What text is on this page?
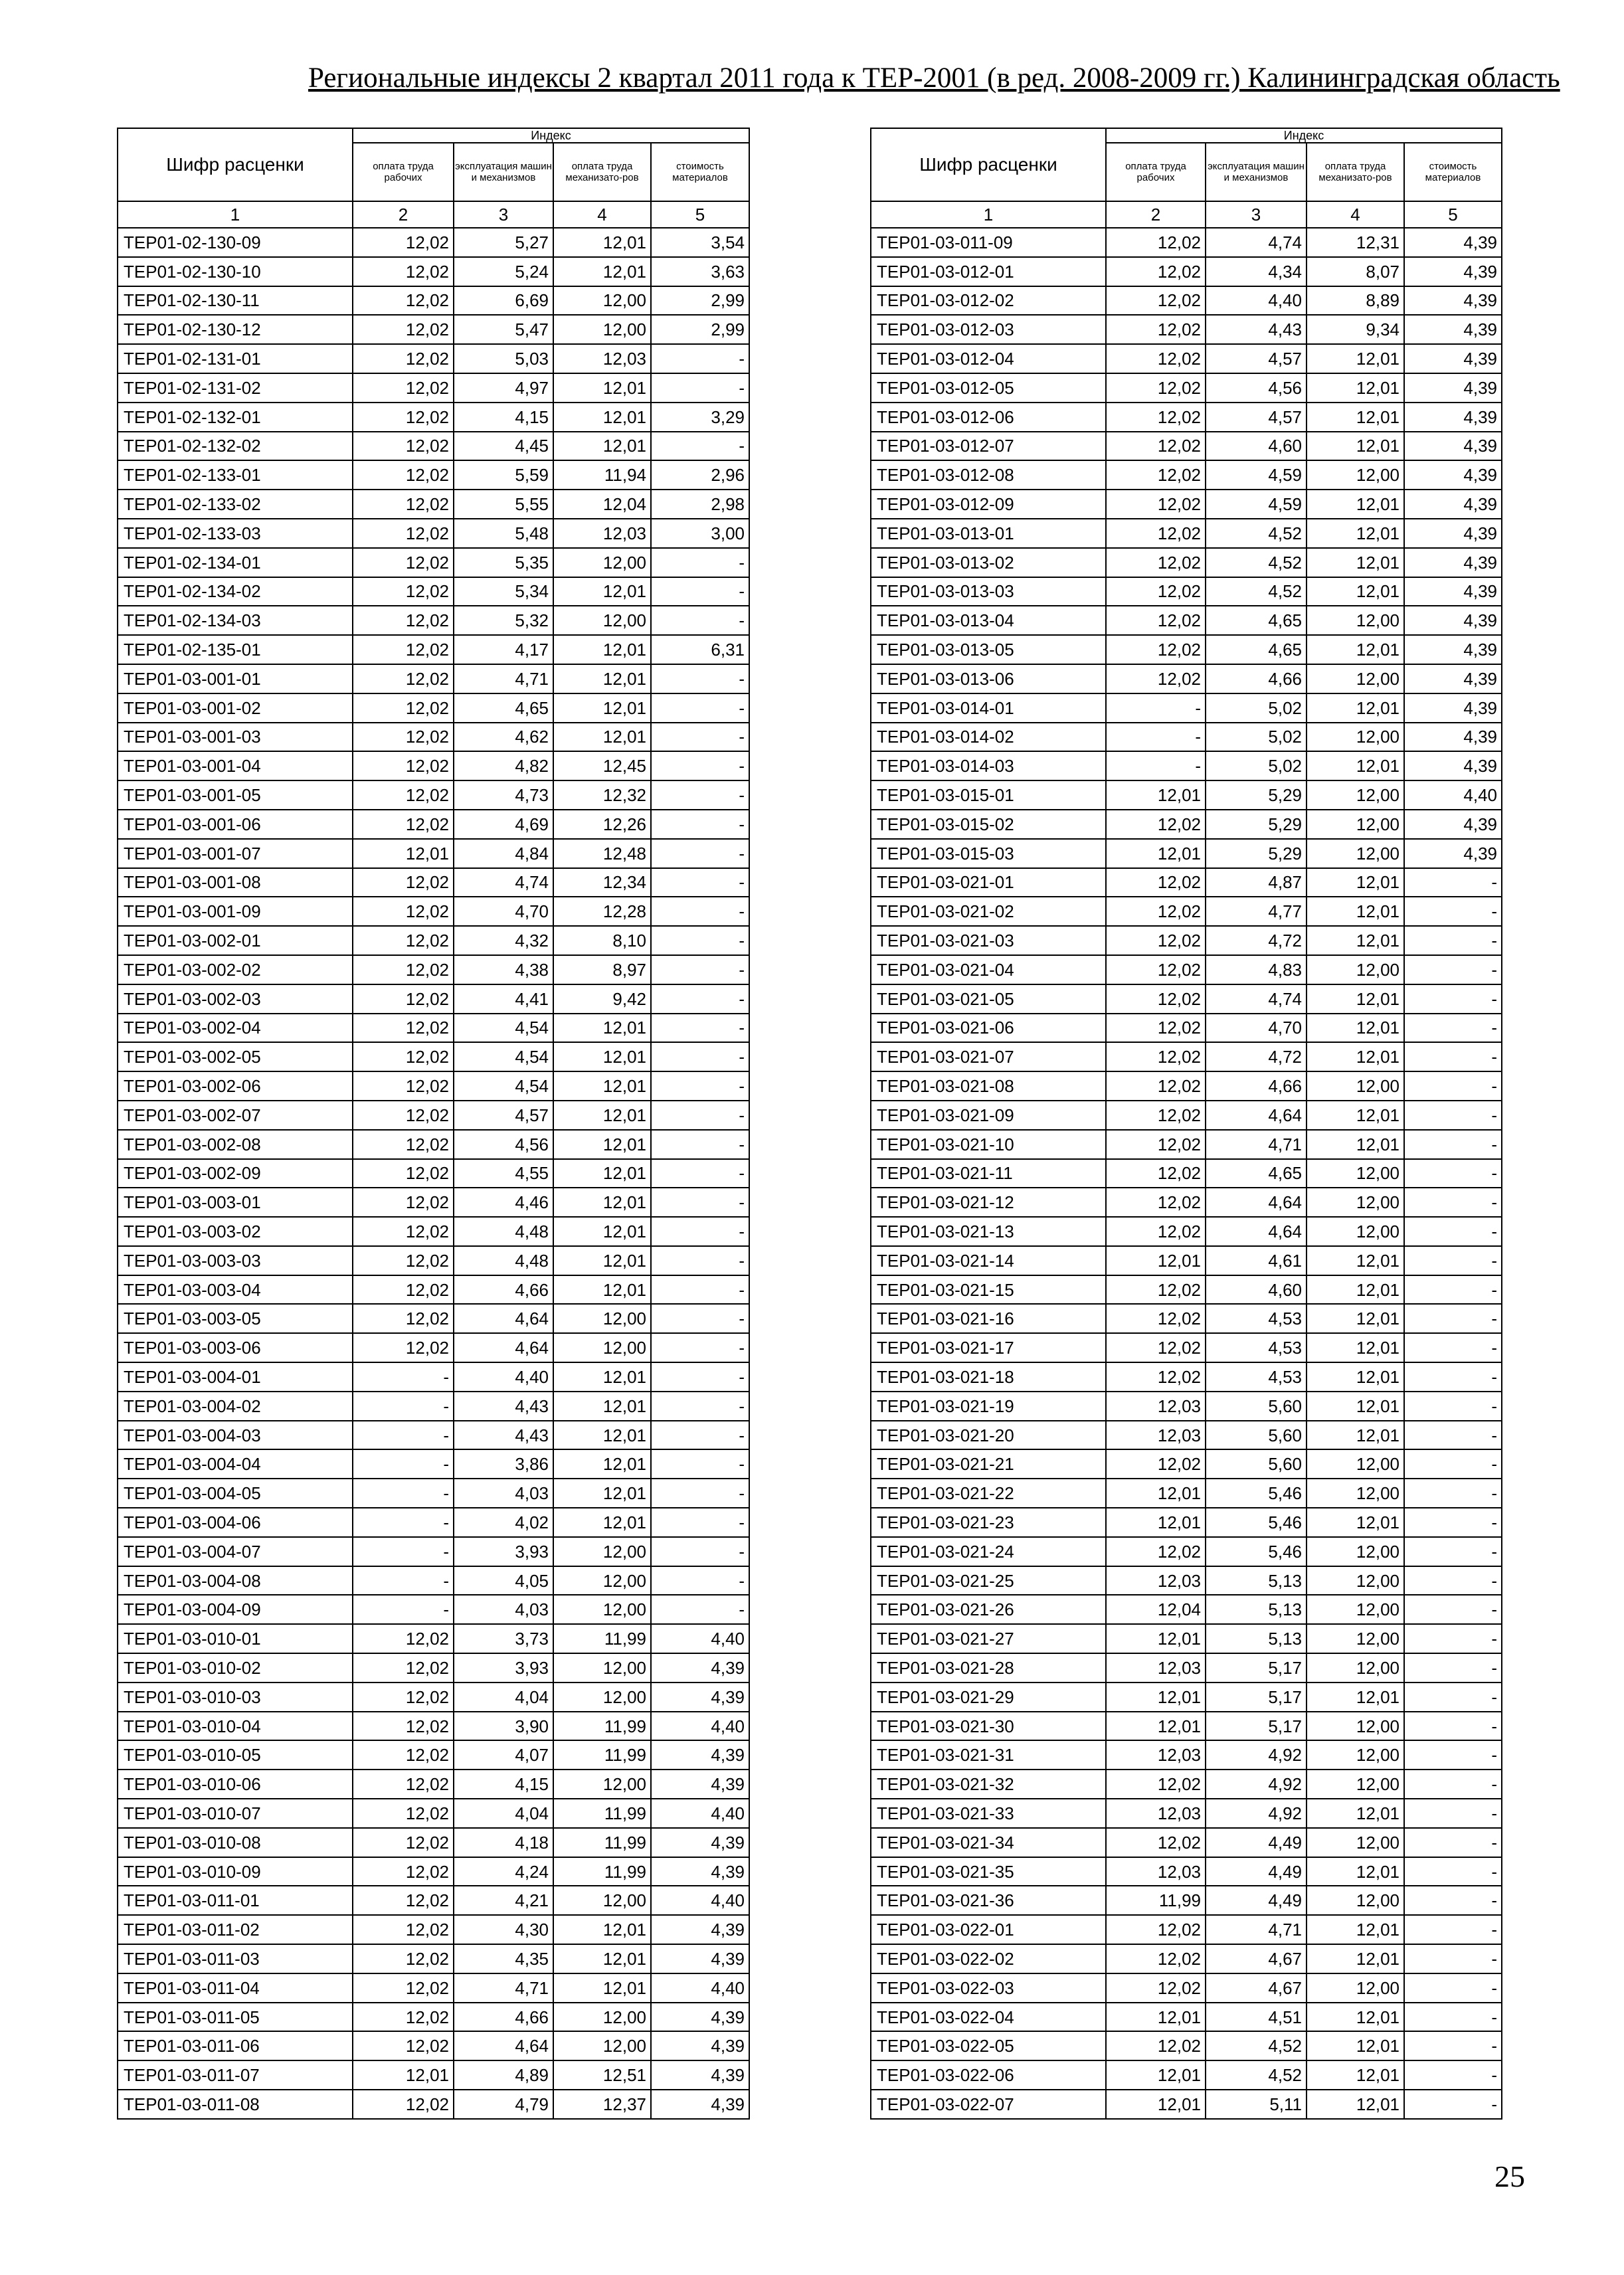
Региональные индексы 2 квартал 2011 года к ТЕР-2001 (в ред. 2008-2009 гг.) Калининградская область
Шифр расценки	Индекс			
	оплата труда рабочих	эксплуатация машин и механизмов	оплата труда механизато-ров	стоимость материалов
1	2	3	4	5
ТЕР01-02-130-09	12,02	5,27	12,01	3,54
ТЕР01-02-130-10	12,02	5,24	12,01	3,63
ТЕР01-02-130-11	12,02	6,69	12,00	2,99
ТЕР01-02-130-12	12,02	5,47	12,00	2,99
ТЕР01-02-131-01	12,02	5,03	12,03	-
ТЕР01-02-131-02	12,02	4,97	12,01	-
ТЕР01-02-132-01	12,02	4,15	12,01	3,29
ТЕР01-02-132-02	12,02	4,45	12,01	-
ТЕР01-02-133-01	12,02	5,59	11,94	2,96
ТЕР01-02-133-02	12,02	5,55	12,04	2,98
ТЕР01-02-133-03	12,02	5,48	12,03	3,00
ТЕР01-02-134-01	12,02	5,35	12,00	-
ТЕР01-02-134-02	12,02	5,34	12,01	-
ТЕР01-02-134-03	12,02	5,32	12,00	-
ТЕР01-02-135-01	12,02	4,17	12,01	6,31
ТЕР01-03-001-01	12,02	4,71	12,01	-
ТЕР01-03-001-02	12,02	4,65	12,01	-
ТЕР01-03-001-03	12,02	4,62	12,01	-
ТЕР01-03-001-04	12,02	4,82	12,45	-
ТЕР01-03-001-05	12,02	4,73	12,32	-
ТЕР01-03-001-06	12,02	4,69	12,26	-
ТЕР01-03-001-07	12,01	4,84	12,48	-
ТЕР01-03-001-08	12,02	4,74	12,34	-
ТЕР01-03-001-09	12,02	4,70	12,28	-
ТЕР01-03-002-01	12,02	4,32	8,10	-
ТЕР01-03-002-02	12,02	4,38	8,97	-
ТЕР01-03-002-03	12,02	4,41	9,42	-
ТЕР01-03-002-04	12,02	4,54	12,01	-
ТЕР01-03-002-05	12,02	4,54	12,01	-
ТЕР01-03-002-06	12,02	4,54	12,01	-
ТЕР01-03-002-07	12,02	4,57	12,01	-
ТЕР01-03-002-08	12,02	4,56	12,01	-
ТЕР01-03-002-09	12,02	4,55	12,01	-
ТЕР01-03-003-01	12,02	4,46	12,01	-
ТЕР01-03-003-02	12,02	4,48	12,01	-
ТЕР01-03-003-03	12,02	4,48	12,01	-
ТЕР01-03-003-04	12,02	4,66	12,01	-
ТЕР01-03-003-05	12,02	4,64	12,00	-
ТЕР01-03-003-06	12,02	4,64	12,00	-
ТЕР01-03-004-01	-	4,40	12,01	-
ТЕР01-03-004-02	-	4,43	12,01	-
ТЕР01-03-004-03	-	4,43	12,01	-
ТЕР01-03-004-04	-	3,86	12,01	-
ТЕР01-03-004-05	-	4,03	12,01	-
ТЕР01-03-004-06	-	4,02	12,01	-
ТЕР01-03-004-07	-	3,93	12,00	-
ТЕР01-03-004-08	-	4,05	12,00	-
ТЕР01-03-004-09	-	4,03	12,00	-
ТЕР01-03-010-01	12,02	3,73	11,99	4,40
ТЕР01-03-010-02	12,02	3,93	12,00	4,39
ТЕР01-03-010-03	12,02	4,04	12,00	4,39
ТЕР01-03-010-04	12,02	3,90	11,99	4,40
ТЕР01-03-010-05	12,02	4,07	11,99	4,39
ТЕР01-03-010-06	12,02	4,15	12,00	4,39
ТЕР01-03-010-07	12,02	4,04	11,99	4,40
ТЕР01-03-010-08	12,02	4,18	11,99	4,39
ТЕР01-03-010-09	12,02	4,24	11,99	4,39
ТЕР01-03-011-01	12,02	4,21	12,00	4,40
ТЕР01-03-011-02	12,02	4,30	12,01	4,39
ТЕР01-03-011-03	12,02	4,35	12,01	4,39
ТЕР01-03-011-04	12,02	4,71	12,01	4,40
ТЕР01-03-011-05	12,02	4,66	12,00	4,39
ТЕР01-03-011-06	12,02	4,64	12,00	4,39
ТЕР01-03-011-07	12,01	4,89	12,51	4,39
ТЕР01-03-011-08	12,02	4,79	12,37	4,39
Шифр расценки	Индекс			
	оплата труда рабочих	эксплуатация машин и механизмов	оплата труда механизато-ров	стоимость материалов
1	2	3	4	5
ТЕР01-03-011-09	12,02	4,74	12,31	4,39
ТЕР01-03-012-01	12,02	4,34	8,07	4,39
ТЕР01-03-012-02	12,02	4,40	8,89	4,39
ТЕР01-03-012-03	12,02	4,43	9,34	4,39
ТЕР01-03-012-04	12,02	4,57	12,01	4,39
ТЕР01-03-012-05	12,02	4,56	12,01	4,39
ТЕР01-03-012-06	12,02	4,57	12,01	4,39
ТЕР01-03-012-07	12,02	4,60	12,01	4,39
ТЕР01-03-012-08	12,02	4,59	12,00	4,39
ТЕР01-03-012-09	12,02	4,59	12,01	4,39
ТЕР01-03-013-01	12,02	4,52	12,01	4,39
ТЕР01-03-013-02	12,02	4,52	12,01	4,39
ТЕР01-03-013-03	12,02	4,52	12,01	4,39
ТЕР01-03-013-04	12,02	4,65	12,00	4,39
ТЕР01-03-013-05	12,02	4,65	12,01	4,39
ТЕР01-03-013-06	12,02	4,66	12,00	4,39
ТЕР01-03-014-01	-	5,02	12,01	4,39
ТЕР01-03-014-02	-	5,02	12,00	4,39
ТЕР01-03-014-03	-	5,02	12,01	4,39
ТЕР01-03-015-01	12,01	5,29	12,00	4,40
ТЕР01-03-015-02	12,02	5,29	12,00	4,39
ТЕР01-03-015-03	12,01	5,29	12,00	4,39
ТЕР01-03-021-01	12,02	4,87	12,01	-
ТЕР01-03-021-02	12,02	4,77	12,01	-
ТЕР01-03-021-03	12,02	4,72	12,01	-
ТЕР01-03-021-04	12,02	4,83	12,00	-
ТЕР01-03-021-05	12,02	4,74	12,01	-
ТЕР01-03-021-06	12,02	4,70	12,01	-
ТЕР01-03-021-07	12,02	4,72	12,01	-
ТЕР01-03-021-08	12,02	4,66	12,00	-
ТЕР01-03-021-09	12,02	4,64	12,01	-
ТЕР01-03-021-10	12,02	4,71	12,01	-
ТЕР01-03-021-11	12,02	4,65	12,00	-
ТЕР01-03-021-12	12,02	4,64	12,00	-
ТЕР01-03-021-13	12,02	4,64	12,00	-
ТЕР01-03-021-14	12,01	4,61	12,01	-
ТЕР01-03-021-15	12,02	4,60	12,01	-
ТЕР01-03-021-16	12,02	4,53	12,01	-
ТЕР01-03-021-17	12,02	4,53	12,01	-
ТЕР01-03-021-18	12,02	4,53	12,01	-
ТЕР01-03-021-19	12,03	5,60	12,01	-
ТЕР01-03-021-20	12,03	5,60	12,01	-
ТЕР01-03-021-21	12,02	5,60	12,00	-
ТЕР01-03-021-22	12,01	5,46	12,00	-
ТЕР01-03-021-23	12,01	5,46	12,01	-
ТЕР01-03-021-24	12,02	5,46	12,00	-
ТЕР01-03-021-25	12,03	5,13	12,00	-
ТЕР01-03-021-26	12,04	5,13	12,00	-
ТЕР01-03-021-27	12,01	5,13	12,00	-
ТЕР01-03-021-28	12,03	5,17	12,00	-
ТЕР01-03-021-29	12,01	5,17	12,01	-
ТЕР01-03-021-30	12,01	5,17	12,00	-
ТЕР01-03-021-31	12,03	4,92	12,00	-
ТЕР01-03-021-32	12,02	4,92	12,00	-
ТЕР01-03-021-33	12,03	4,92	12,01	-
ТЕР01-03-021-34	12,02	4,49	12,00	-
ТЕР01-03-021-35	12,03	4,49	12,01	-
ТЕР01-03-021-36	11,99	4,49	12,00	-
ТЕР01-03-022-01	12,02	4,71	12,01	-
ТЕР01-03-022-02	12,02	4,67	12,01	-
ТЕР01-03-022-03	12,02	4,67	12,00	-
ТЕР01-03-022-04	12,01	4,51	12,01	-
ТЕР01-03-022-05	12,02	4,52	12,01	-
ТЕР01-03-022-06	12,01	4,52	12,01	-
ТЕР01-03-022-07	12,01	5,11	12,01	-
25
